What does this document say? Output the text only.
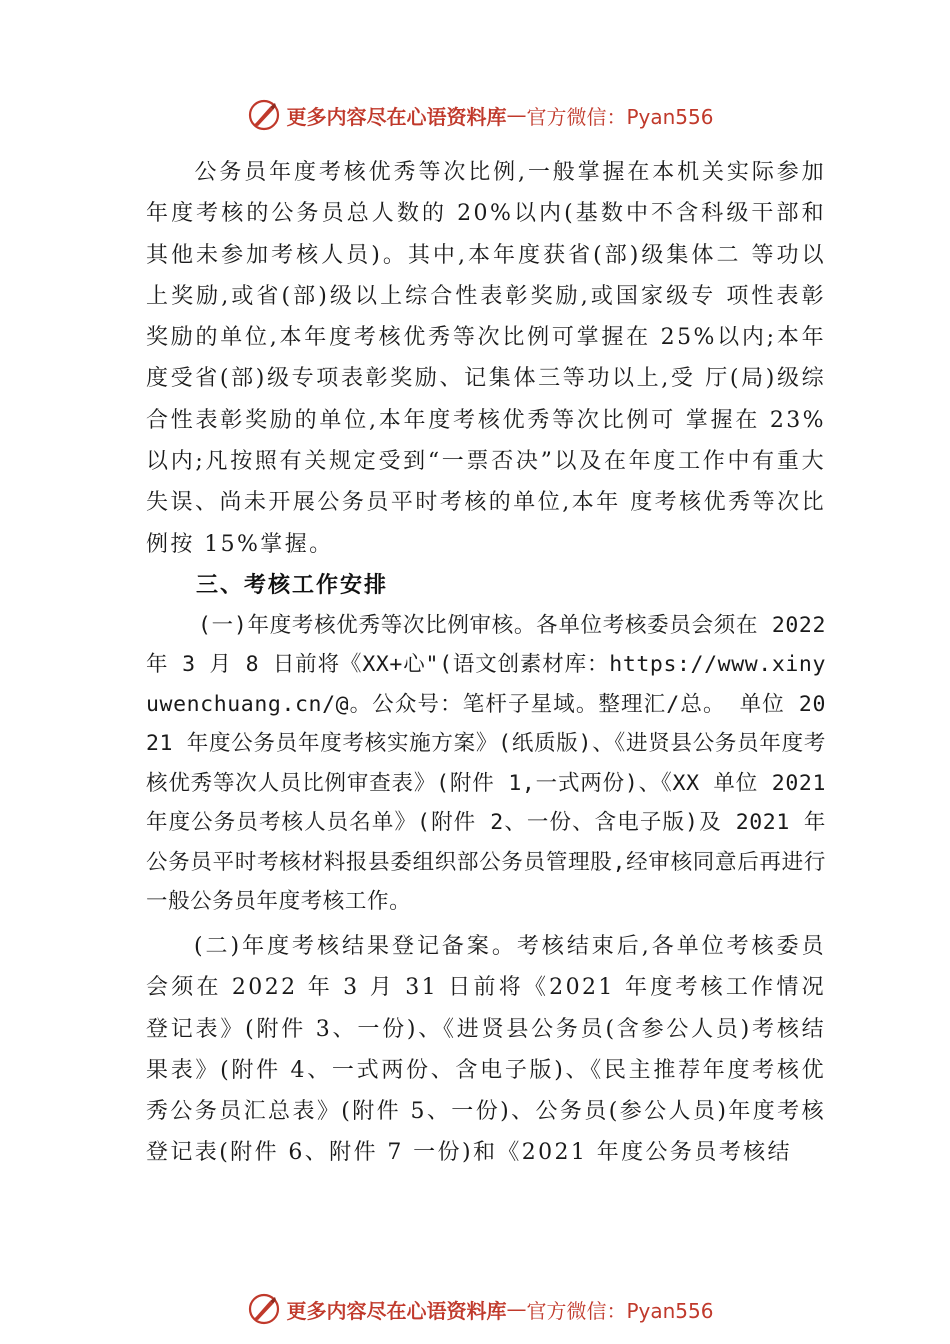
更多内容尽在心语资料库 — 官方微信：Pyan556

公务员年度考核优秀等次比例,一般掌握在本机关实际参加年度考核的公务员总人数的 20%以内(基数中不含科级干部和其他未参加考核人员)。其中,本年度获省(部)级集体二 等功以上奖励,或省(部)级以上综合性表彰奖励,或国家级专 项性表彰奖励的单位,本年度考核优秀等次比例可掌握在 25%以内;本年度受省(部)级专项表彰奖励、记集体三等功以上,受 厅(局)级综合性表彰奖励的单位,本年度考核优秀等次比例可 掌握在 23%以内;凡按照有关规定受到“一票否决”以及在年度工作中有重大失误、尚未开展公务员平时考核的单位,本年 度考核优秀等次比例按 15%掌握。

三、考核工作安排

(一)年度考核优秀等次比例审核。各单位考核委员会须在 2022 年 3 月 8 日前将《XX+心"(语文创素材库：https://www.xinyuwenchuang.cn/@。公众号：笔杆子星域。整理汇/总。 单位 2021 年度公务员年度考核实施方案》(纸质版)、《进贤县公务员年度考核优秀等次人员比例审查表》(附件 1,一式两份)、《XX 单位 2021 年度公务员考核人员名单》(附件 2、一份、含电子版)及 2021 年公务员平时考核材料报县委组织部公务员管理股,经审核同意后再进行一般公务员年度考核工作。

(二)年度考核结果登记备案。考核结束后,各单位考核委员会须在 2022 年 3 月 31 日前将《2021 年度考核工作情况登记表》(附件 3、一份)、《进贤县公务员(含参公人员)考核结果表》(附件 4、一式两份、含电子版)、《民主推荐年度考核优秀公务员汇总表》(附件 5、一份)、公务员(参公人员)年度考核登记表(附件 6、附件 7 一份)和《2021 年度公务员考核结

更多内容尽在心语资料库 — 官方微信：Pyan556
